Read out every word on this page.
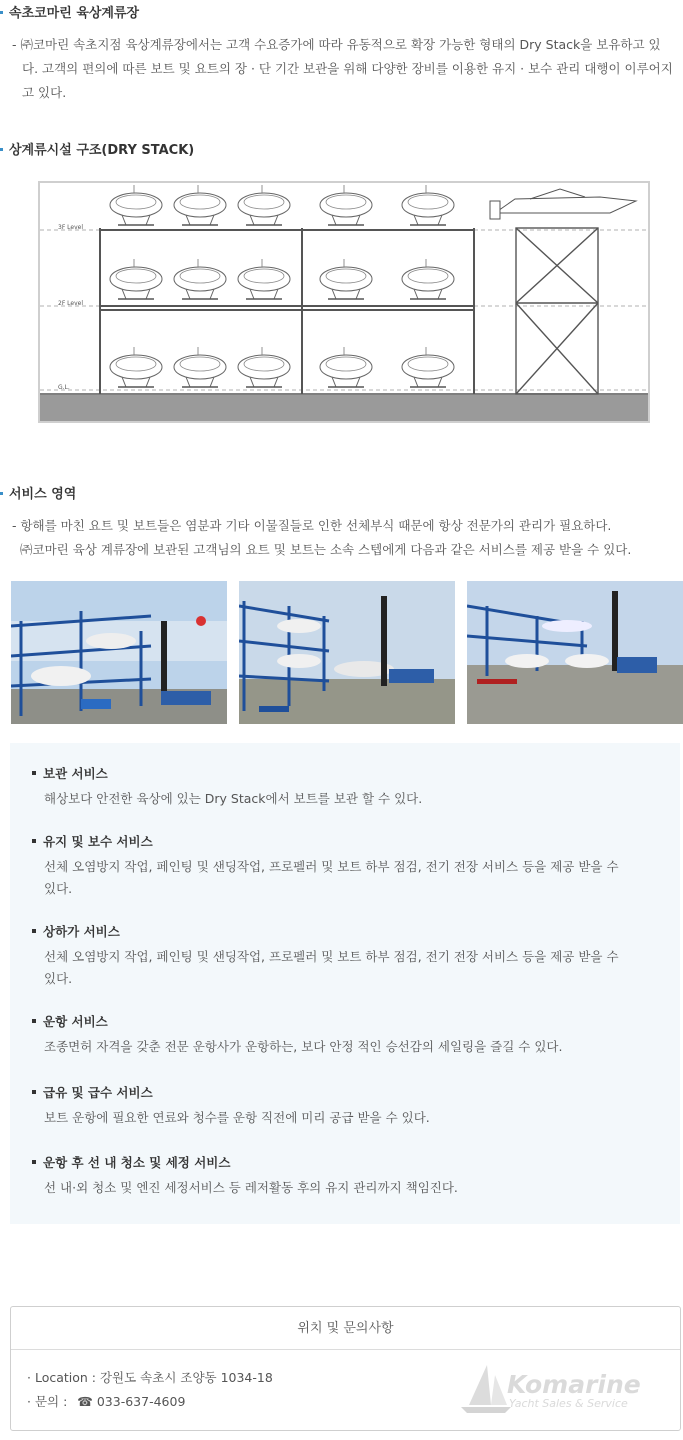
속초코마린 육상계류장
- ㈜코마린 속초지점 육상계류장에서는 고객 수요증가에 따라 유동적으로 확장 가능한 형태의 Dry Stack을 보유하고 있다. 고객의 편의에 따른 보트 및 요트의 장 · 단 기간 보관을 위해 다양한 장비를 이용한 유지 · 보수 관리 대행이 이루어지고 있다.
상계류시설 구조(DRY STACK)
3F Level
2F Level
G.L.
서비스 영역
- 항해를 마친 요트 및 보트들은 염분과 기타 이물질들로 인한 선체부식 때문에 항상 전문가의 관리가 필요하다.
㈜코마린 육상 계류장에 보관된 고객님의 요트 및 보트는 소속 스텝에게 다음과 같은 서비스를 제공 받을 수 있다.
보관 서비스
해상보다 안전한 육상에 있는 Dry Stack에서 보트를 보관 할 수 있다.
유지 및 보수 서비스
선체 오염방지 작업, 페인팅 및 샌딩작업, 프로펠러 및 보트 하부 점검, 전기 전장 서비스 등을 제공 받을 수 있다.
상하가 서비스
선체 오염방지 작업, 페인팅 및 샌딩작업, 프로펠러 및 보트 하부 점검, 전기 전장 서비스 등을 제공 받을 수 있다.
운항 서비스
조종면허 자격을 갖춘 전문 운항사가 운항하는, 보다 안정 적인 승선감의 세일링을 즐길 수 있다.
급유 및 급수 서비스
보트 운항에 필요한 연료와 청수를 운항 직전에 미리 공급 받을 수 있다.
운항 후 선 내 청소 및 세정 서비스
선 내·외 청소 및 엔진 세정서비스 등 레저활동 후의 유지 관리까지 책임진다.
위치 및 문의사항
· Location : 강원도 속초시 조양동 1034-18
· 문의 : ☎ 033-637-4609
Komarine
Yacht Sales & Service
